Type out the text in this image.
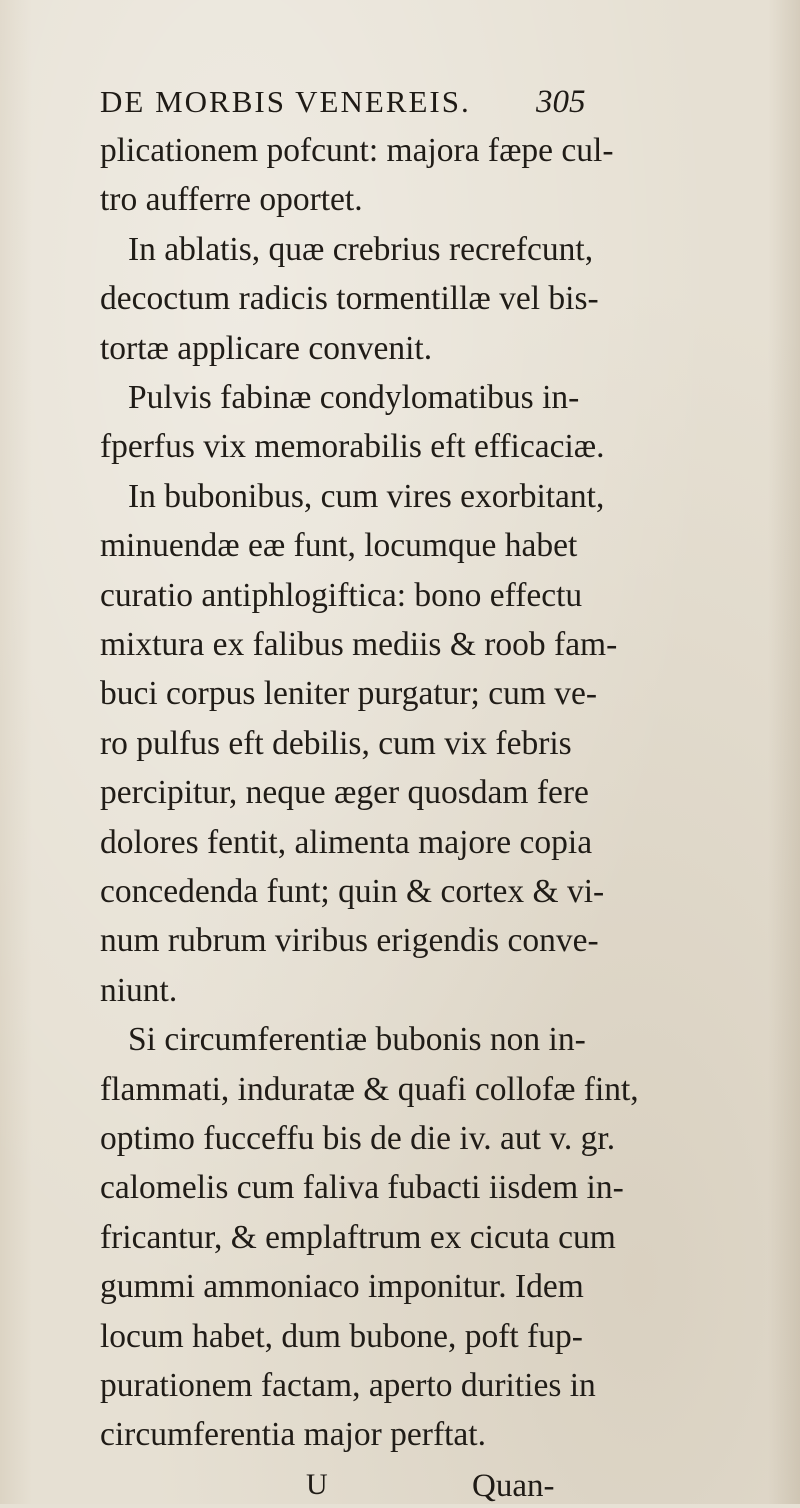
DE MORBIS VENEREIS. 305
plicationem pofcunt: majora fæpe cul-
tro aufferre oportet.
In ablatis, quæ crebrius recrefcunt,
decoctum radicis tormentillæ vel bis-
tortæ applicare convenit.
Pulvis fabinæ condylomatibus in-
fperfus vix memorabilis eft efficaciæ.
In bubonibus, cum vires exorbitant,
minuendæ eæ funt, locumque habet
curatio antiphlogiftica: bono effectu
mixtura ex falibus mediis & roob fam-
buci corpus leniter purgatur; cum ve-
ro pulfus eft debilis, cum vix febris
percipitur, neque æger quosdam fere
dolores fentit, alimenta majore copia
concedenda funt; quin & cortex & vi-
num rubrum viribus erigendis conve-
niunt.
Si circumferentiæ bubonis non in-
flammati, induratæ & quafi collofæ fint,
optimo fucceffu bis de die iv. aut v. gr.
calomelis cum faliva fubacti iisdem in-
fricantur, & emplaftrum ex cicuta cum
gummi ammoniaco imponitur. Idem
locum habet, dum bubone, poft fup-
purationem factam, aperto durities in
circumferentia major perftat.
U	Quan-
